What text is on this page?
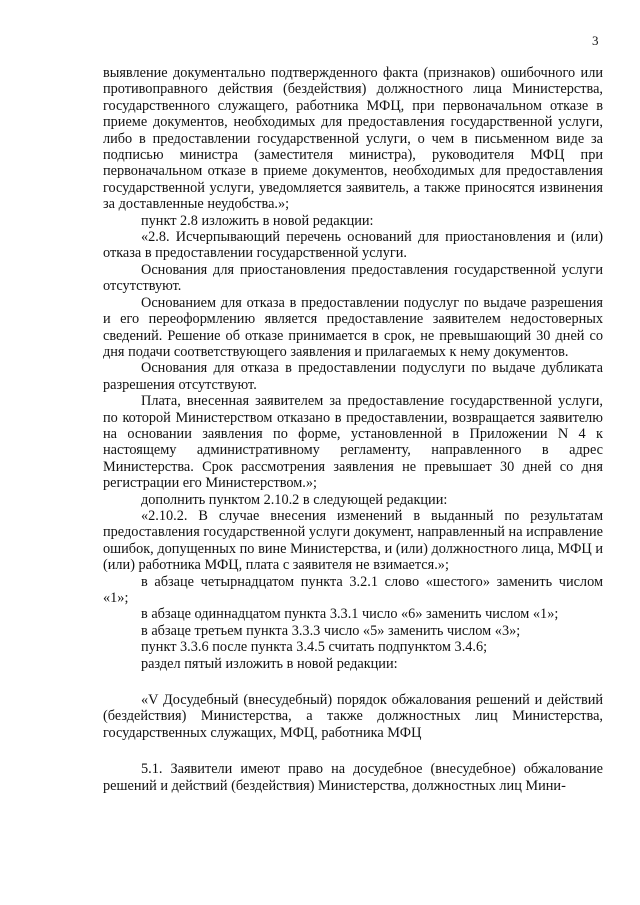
3

выявление документально подтвержденного факта (признаков) ошибочного или противоправного действия (бездействия) должностного лица Министерства, государственного служащего, работника МФЦ, при первоначальном отказе в приеме документов, необходимых для предоставления государственной услуги, либо в предоставлении государственной услуги, о чем в письменном виде за подписью министра (заместителя министра), руководителя МФЦ при первоначальном отказе в приеме документов, необходимых для предоставления государственной услуги, уведомляется заявитель, а также приносятся извинения за доставленные неудобства.»;

пункт 2.8 изложить в новой редакции:

«2.8. Исчерпывающий перечень оснований для приостановления и (или) отказа в предоставлении государственной услуги.

Основания для приостановления предоставления государственной услуги отсутствуют.

Основанием для отказа в предоставлении подуслуг по выдаче разрешения и его переоформлению является предоставление заявителем недостоверных сведений. Решение об отказе принимается в срок, не превышающий 30 дней со дня подачи соответствующего заявления и прилагаемых к нему документов.

Основания для отказа в предоставлении подуслуги по выдаче дубликата разрешения отсутствуют.

Плата, внесенная заявителем за предоставление государственной услуги, по которой Министерством отказано в предоставлении, возвращается заявителю на основании заявления по форме, установленной в Приложении N 4 к настоящему административному регламенту, направленного в адрес Министерства. Срок рассмотрения заявления не превышает 30 дней со дня регистрации его Министерством.»;

дополнить пунктом 2.10.2 в следующей редакции:

«2.10.2. В случае внесения изменений в выданный по результатам предоставления государственной услуги документ, направленный на исправление ошибок, допущенных по вине Министерства, и (или) должностного лица, МФЦ и (или) работника МФЦ, плата с заявителя не взимается.»;

в абзаце четырнадцатом пункта 3.2.1 слово «шестого» заменить числом «1»;

в абзаце одиннадцатом пункта 3.3.1 число «6» заменить числом «1»;

в абзаце третьем пункта 3.3.3 число «5» заменить числом «3»;

пункт 3.3.6 после пункта 3.4.5 считать подпунктом 3.4.6;

раздел пятый изложить в новой редакции:

«V Досудебный (внесудебный) порядок обжалования решений и действий (бездействия) Министерства, а также должностных лиц Министерства, государственных служащих, МФЦ, работника МФЦ

5.1. Заявители имеют право на досудебное (внесудебное) обжалование решений и действий (бездействия) Министерства, должностных лиц Мини-
